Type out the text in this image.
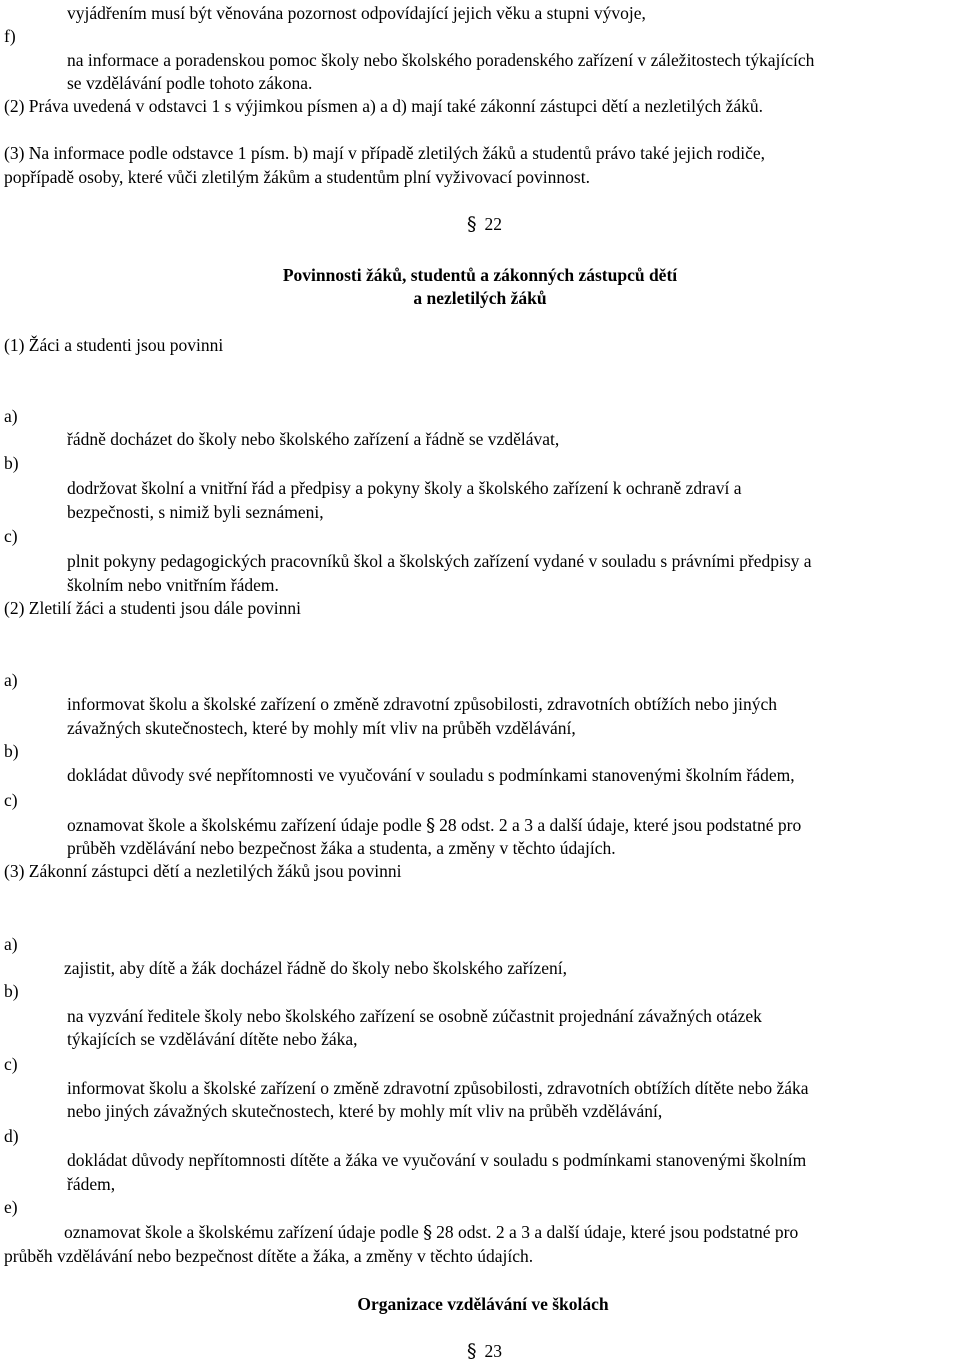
vyjádřením musí být věnována pozornost odpovídající jejich věku a stupni vývoje,
f)
na informace a poradenskou pomoc školy nebo školského poradenského zařízení v záležitostech týkajících
se vzdělávání podle tohoto zákona.
(2) Práva uvedená v odstavci 1 s výjimkou písmen a) a d) mají také zákonní zástupci dětí a nezletilých žáků.
(3) Na informace podle odstavce 1 písm. b) mají v případě zletilých žáků a studentů právo také jejich rodiče,
popřípadě osoby, které vůči zletilým žákům a studentům plní vyživovací povinnost.
§ 22
Povinnosti žáků, studentů a zákonných zástupců dětí
a nezletilých žáků
(1) Žáci a studenti jsou povinni
a)
řádně docházet do školy nebo školského zařízení a řádně se vzdělávat,
b)
dodržovat školní a vnitřní řád a předpisy a pokyny školy a školského zařízení k ochraně zdraví a
bezpečnosti, s nimiž byli seznámeni,
c)
plnit pokyny pedagogických pracovníků škol a školských zařízení vydané v souladu s právními předpisy a
školním nebo vnitřním řádem.
(2) Zletilí žáci a studenti jsou dále povinni
a)
informovat školu a školské zařízení o změně zdravotní způsobilosti, zdravotních obtížích nebo jiných
závažných skutečnostech, které by mohly mít vliv na průběh vzdělávání,
b)
dokládat důvody své nepřítomnosti ve vyučování v souladu s podmínkami stanovenými školním řádem,
c)
oznamovat škole a školskému zařízení údaje podle § 28 odst. 2 a 3 a další údaje, které jsou podstatné pro
průběh vzdělávání nebo bezpečnost žáka a studenta, a změny v těchto údajích.
(3) Zákonní zástupci dětí a nezletilých žáků jsou povinni
a)
zajistit, aby dítě a žák docházel řádně do školy nebo školského zařízení,
b)
na vyzvání ředitele školy nebo školského zařízení se osobně zúčastnit projednání závažných otázek
týkajících se vzdělávání dítěte nebo žáka,
c)
informovat školu a školské zařízení o změně zdravotní způsobilosti, zdravotních obtížích dítěte nebo žáka
nebo jiných závažných skutečnostech, které by mohly mít vliv na průběh vzdělávání,
d)
dokládat důvody nepřítomnosti dítěte a žáka ve vyučování v souladu s podmínkami stanovenými školním
řádem,
e)
oznamovat škole a školskému zařízení údaje podle § 28 odst. 2 a 3 a další údaje, které jsou podstatné pro
průběh vzdělávání nebo bezpečnost dítěte a žáka, a změny v těchto údajích.
Organizace vzdělávání ve školách
§ 23
